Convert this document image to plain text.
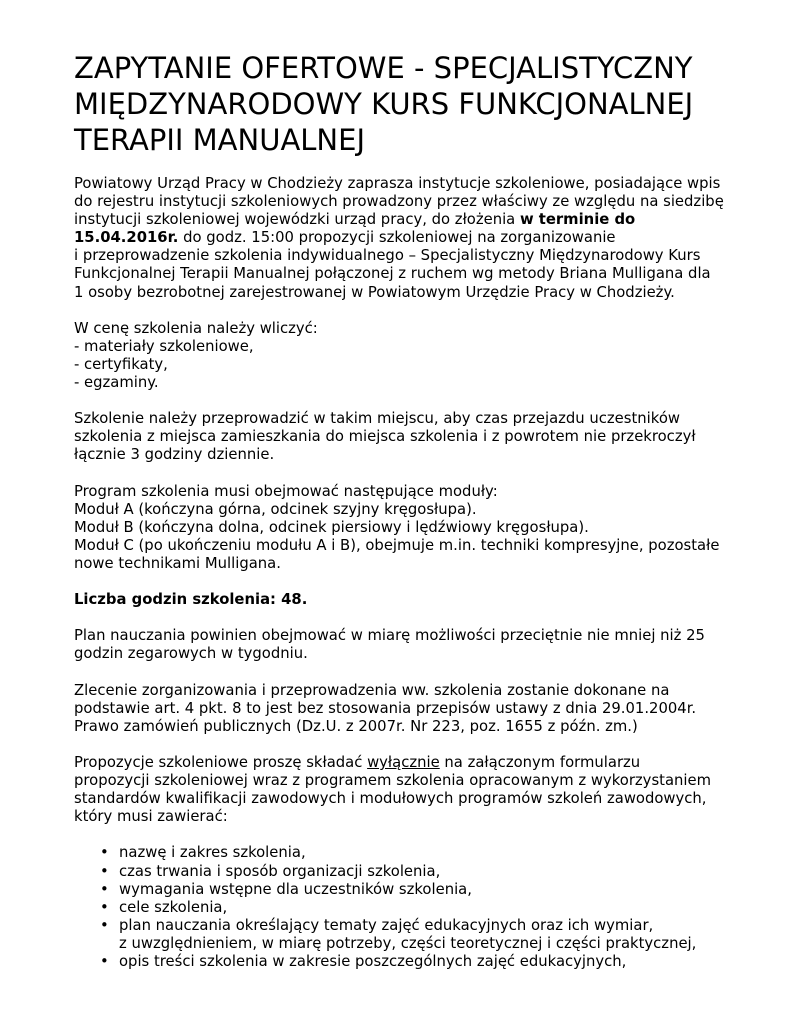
ZAPYTANIE OFERTOWE - SPECJALISTYCZNY
MIĘDZYNARODOWY KURS FUNKCJONALNEJ
TERAPII MANUALNEJ
Powiatowy Urząd Pracy w Chodzieży zaprasza instytucje szkoleniowe, posiadające wpis
do rejestru instytucji szkoleniowych prowadzony przez właściwy ze względu na siedzibę
instytucji szkoleniowej wojewódzki urząd pracy, do złożenia w terminie do
15.04.2016r. do godz. 15:00 propozycji szkoleniowej na zorganizowanie
i przeprowadzenie szkolenia indywidualnego – Specjalistyczny Międzynarodowy Kurs
Funkcjonalnej Terapii Manualnej połączonej z ruchem wg metody Briana Mulligana dla
1 osoby bezrobotnej zarejestrowanej w Powiatowym Urzędzie Pracy w Chodzieży.
W cenę szkolenia należy wliczyć:
- materiały szkoleniowe,
- certyfikaty,
- egzaminy.
Szkolenie należy przeprowadzić w takim miejscu, aby czas przejazdu uczestników
szkolenia z miejsca zamieszkania do miejsca szkolenia i z powrotem nie przekroczył
łącznie 3 godziny dziennie.
Program szkolenia musi obejmować następujące moduły:
Moduł A (kończyna górna, odcinek szyjny kręgosłupa).
Moduł B (kończyna dolna, odcinek piersiowy i lędźwiowy kręgosłupa).
Moduł C (po ukończeniu modułu A i B), obejmuje m.in. techniki kompresyjne, pozostałe
nowe technikami Mulligana.
Liczba godzin szkolenia: 48.
Plan nauczania powinien obejmować w miarę możliwości przeciętnie nie mniej niż 25
godzin zegarowych w tygodniu.
Zlecenie zorganizowania i przeprowadzenia ww. szkolenia zostanie dokonane na
podstawie art. 4 pkt. 8 to jest bez stosowania przepisów ustawy z dnia 29.01.2004r.
Prawo zamówień publicznych (Dz.U. z 2007r. Nr 223, poz. 1655 z późn. zm.)
Propozycje szkoleniowe proszę składać wyłącznie na załączonym formularzu
propozycji szkoleniowej wraz z programem szkolenia opracowanym z wykorzystaniem
standardów kwalifikacji zawodowych i modułowych programów szkoleń zawodowych,
który musi zawierać:
• nazwę i zakres szkolenia,
• czas trwania i sposób organizacji szkolenia,
• wymagania wstępne dla uczestników szkolenia,
• cele szkolenia,
• plan nauczania określający tematy zajęć edukacyjnych oraz ich wymiar,
z uwzględnieniem, w miarę potrzeby, części teoretycznej i części praktycznej,
• opis treści szkolenia w zakresie poszczególnych zajęć edukacyjnych,
